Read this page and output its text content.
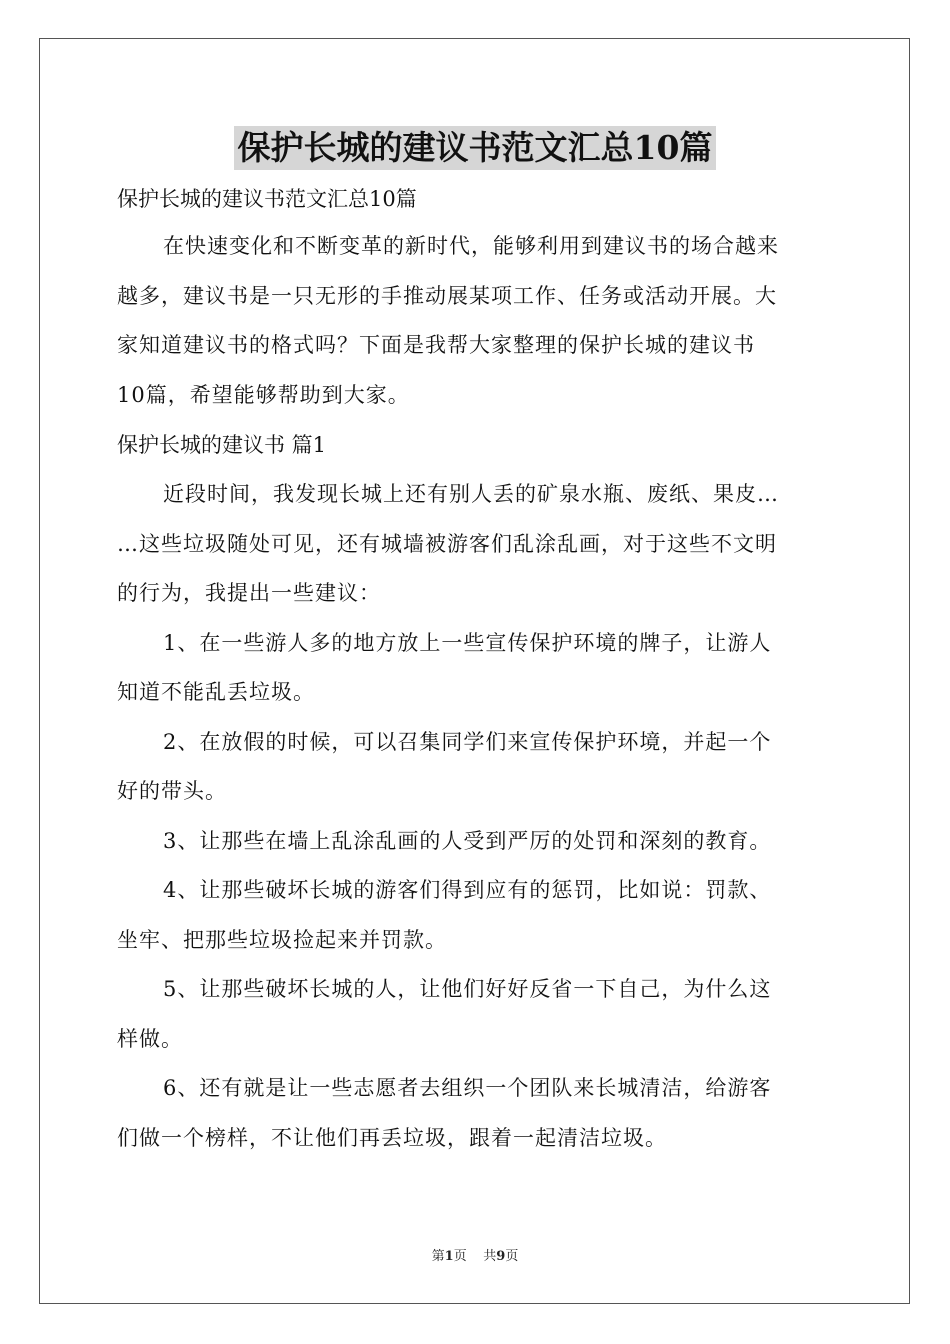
保护长城的建议书范文汇总10篇
保护长城的建议书范文汇总10篇
在快速变化和不断变革的新时代，能够利用到建议书的场合越来
越多，建议书是一只无形的手推动展某项工作、任务或活动开展。大
家知道建议书的格式吗？下面是我帮大家整理的保护长城的建议书
10篇，希望能够帮助到大家。
保护长城的建议书 篇1
近段时间，我发现长城上还有别人丢的矿泉水瓶、废纸、果皮…
…这些垃圾随处可见，还有城墙被游客们乱涂乱画，对于这些不文明
的行为，我提出一些建议：
1、在一些游人多的地方放上一些宣传保护环境的牌子，让游人
知道不能乱丢垃圾。
2、在放假的时候，可以召集同学们来宣传保护环境，并起一个
好的带头。
3、让那些在墙上乱涂乱画的人受到严厉的处罚和深刻的教育。
4、让那些破坏长城的游客们得到应有的惩罚，比如说：罚款、
坐牢、把那些垃圾捡起来并罚款。
5、让那些破坏长城的人，让他们好好反省一下自己，为什么这
样做。
6、还有就是让一些志愿者去组织一个团队来长城清洁，给游客
们做一个榜样，不让他们再丢垃圾，跟着一起清洁垃圾。
第1页 共9页
